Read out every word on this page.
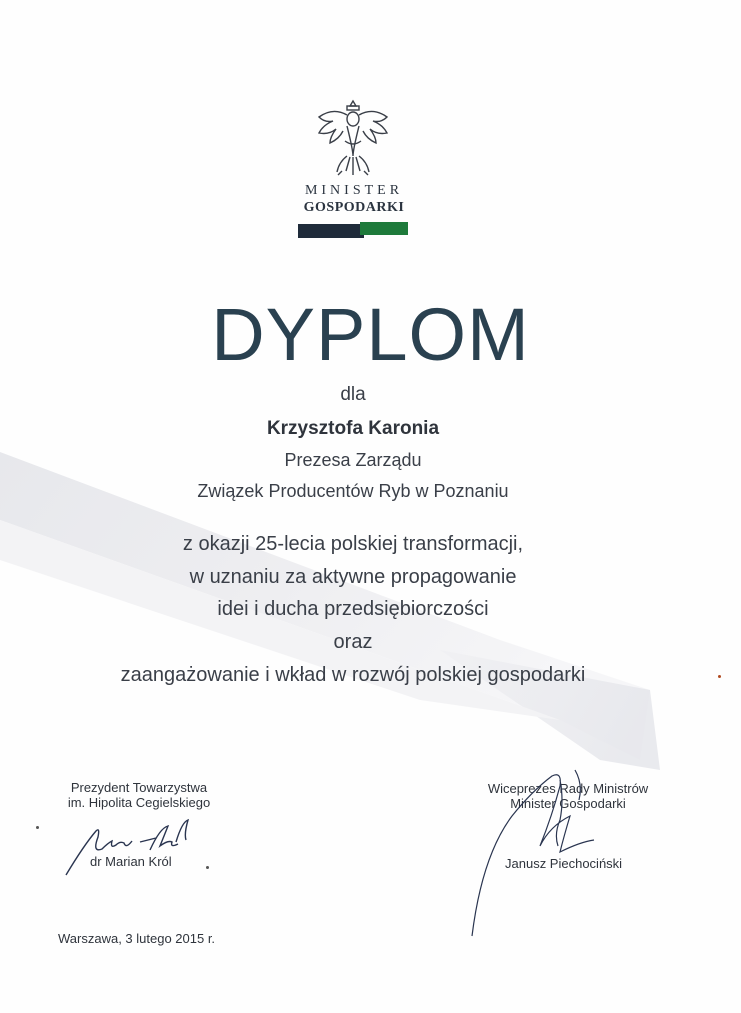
MINISTER
GOSPODARKI
DYPLOM
dla
Krzysztofa Karonia
Prezesa Zarządu
Związek Producentów Ryb w Poznaniu
z okazji 25-lecia polskiej transformacji,
w uznaniu za aktywne propagowanie
idei i ducha przedsiębiorczości
oraz
zaangażowanie i wkład w rozwój polskiej gospodarki
Prezydent Towarzystwa
im. Hipolita Cegielskiego
dr Marian Król
Wiceprezes Rady Ministrów
Minister Gospodarki
Janusz Piechociński
Warszawa, 3 lutego 2015 r.
